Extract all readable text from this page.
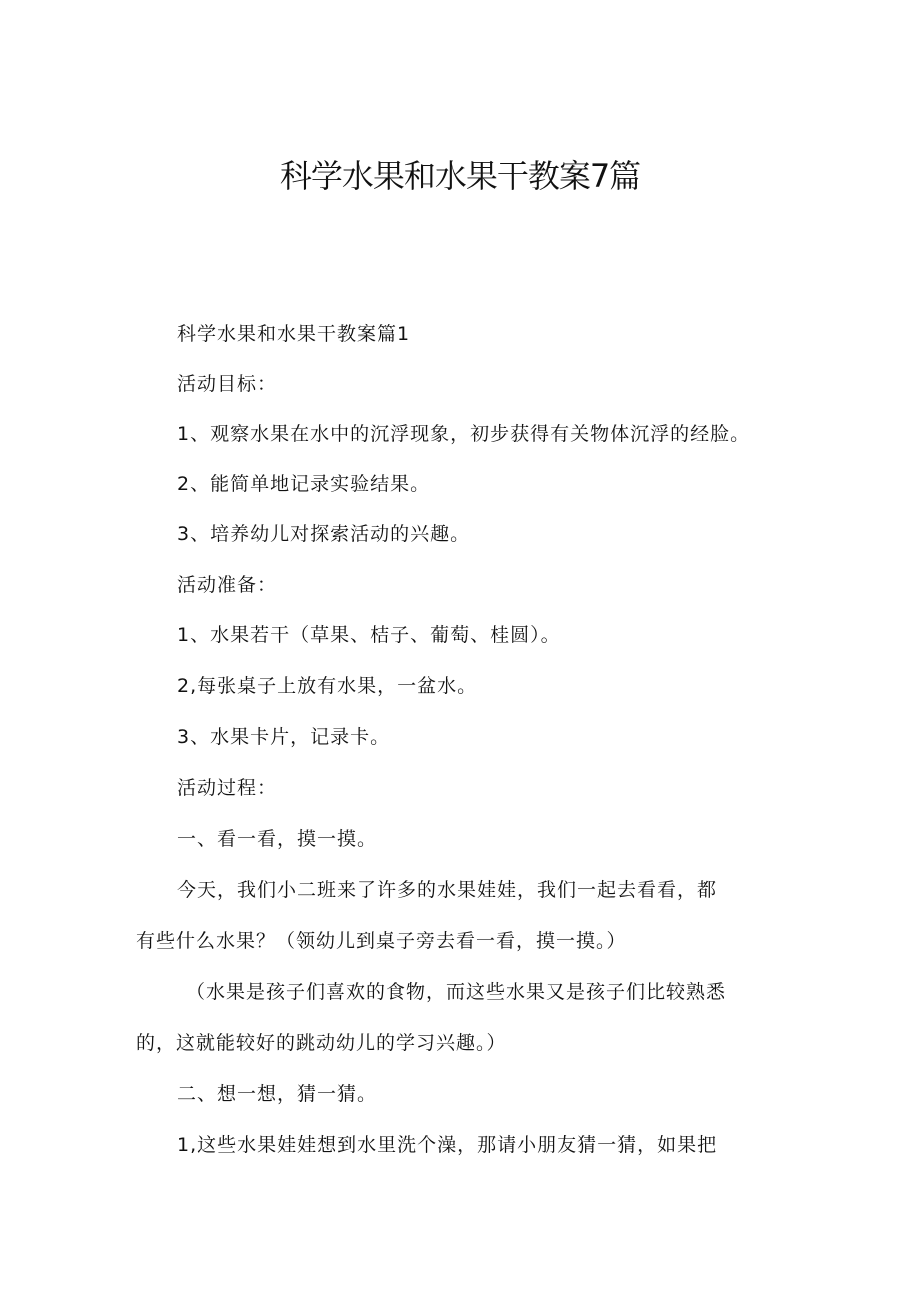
科学水果和水果干教案7篇
科学水果和水果干教案篇1
活动目标：
1、观察水果在水中的沉浮现象，初步获得有关物体沉浮的经脸。
2、能简单地记录实验结果。
3、培养幼儿对探索活动的兴趣。
活动准备：
1、水果若干（草果、桔子、葡萄、桂圆）。
2,每张桌子上放有水果，一盆水。
3、水果卡片，记录卡。
活动过程：
一、看一看，摸一摸。
今天，我们小二班来了许多的水果娃娃，我们一起去看看，都
有些什么水果？（领幼儿到桌子旁去看一看，摸一摸。）
（水果是孩子们喜欢的食物，而这些水果又是孩子们比较熟悉
的，这就能较好的跳动幼儿的学习兴趣。）
二、想一想，猜一猜。
1,这些水果娃娃想到水里洗个澡，那请小朋友猜一猜，如果把
